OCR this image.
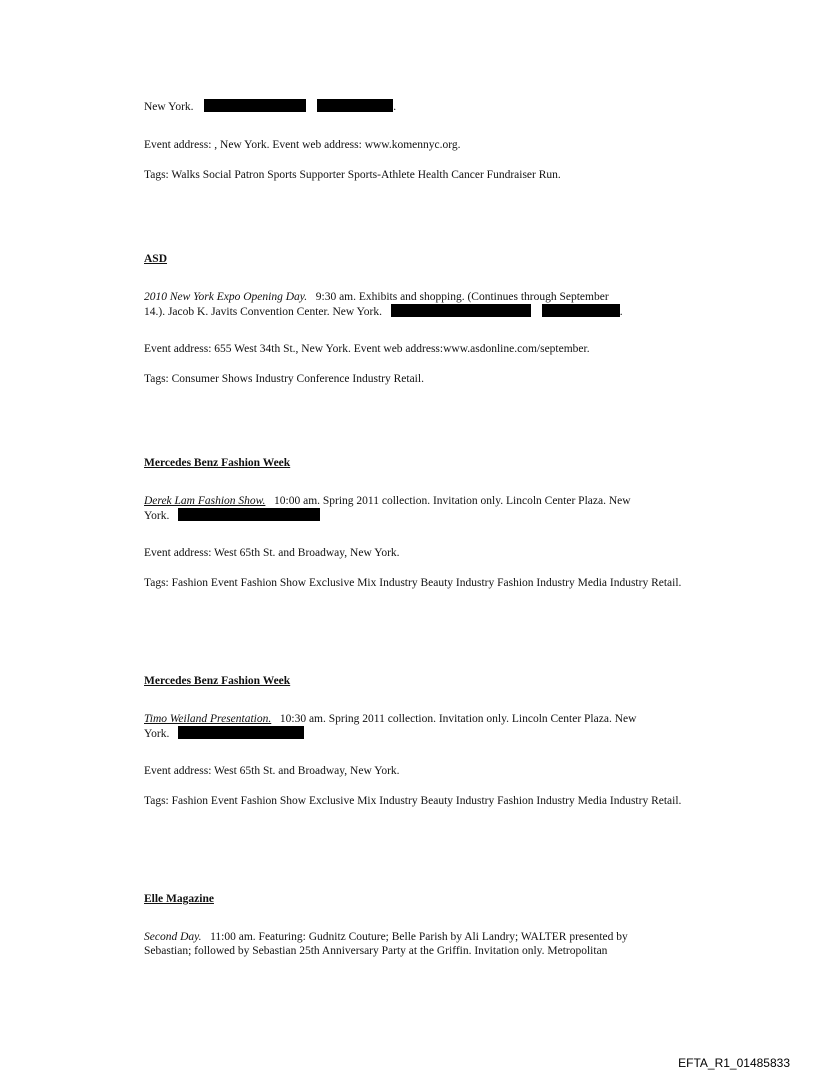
New York.	.

Event address: , New York. Event web address: www.komennyc.org.

Tags: Walks Social Patron Sports Supporter Sports-Athlete Health Cancer Fundraiser Run.

ASD

2010 New York Expo Opening Day. 9:30 am. Exhibits and shopping. (Continues through September

14.). Jacob K. Javits Convention Center. New York.	.

Event address: 655 West 34th St., New York. Event web address:www.asdonline.com/september.

Tags: Consumer Shows Industry Conference Industry Retail.

Mercedes Benz Fashion Week

Derek Lam Fashion Show. 10:00 am. Spring 2011 collection. Invitation only. Lincoln Center Plaza. New

York.

Event address: West 65th St. and Broadway, New York.

Tags: Fashion Event Fashion Show Exclusive Mix Industry Beauty Industry Fashion Industry Media Industry Retail.

Mercedes Benz Fashion Week

Timo Weiland Presentation. 10:30 am. Spring 2011 collection. Invitation only. Lincoln Center Plaza. New

York.

Event address: West 65th St. and Broadway, New York.

Tags: Fashion Event Fashion Show Exclusive Mix Industry Beauty Industry Fashion Industry Media Industry Retail.

Elle Magazine

Second Day. 11:00 am. Featuring: Gudnitz Couture; Belle Parish by Ali Landry; WALTER presented by

Sebastian; followed by Sebastian 25th Anniversary Party at the Griffin. Invitation only. Metropolitan

EFTA_R1_01485833
